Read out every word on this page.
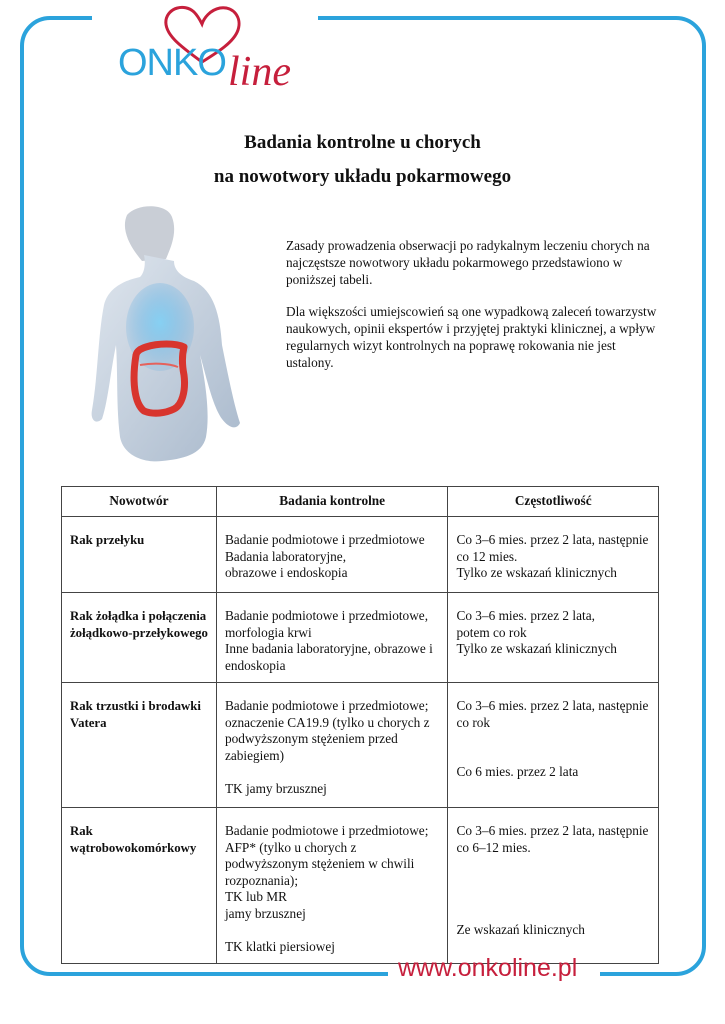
ONKO line
Badania kontrolne u chorych
na nowotwory układu pokarmowego

Zasady prowadzenia obserwacji po radykalnym leczeniu chorych na najczęstsze nowotwory układu pokarmowego przedstawiono w poniższej tabeli.

Dla większości umiejscowień są one wypadkową zaleceń towarzystw naukowych, opinii ekspertów i przyjętej praktyki klinicznej, a wpływ regularnych wizyt kontrolnych na poprawę rokowania nie jest ustalony.

Nowotwór	Badania kontrolne	Częstotliwość
Rak przełyku	Badanie podmiotowe i przedmiotowe
Badania laboratoryjne,
obrazowe i endoskopia	Co 3–6 mies. przez 2 lata, następnie co 12 mies.
Tylko ze wskazań klinicznych

Rak żołądka i połączenia żołądkowo-przełykowego	Badanie podmiotowe i przedmiotowe, morfologia krwi
Inne badania laboratoryjne, obrazowe i endoskopia	Co 3–6 mies. przez 2 lata,
potem co rok
Tylko ze wskazań klinicznych

Rak trzustki i brodawki Vatera	Badanie podmiotowe i przedmiotowe; oznaczenie CA19.9 (tylko u chorych z podwyższonym stężeniem przed zabiegiem)
TK jamy brzusznej	Co 3–6 mies. przez 2 lata, następnie co rok
Co 6 mies. przez 2 lata

Rak wątrobowokomórkowy	Badanie podmiotowe i przedmiotowe;
AFP* (tylko u chorych z podwyższonym stężeniem w chwili rozpoznania);
TK lub MR
jamy brzusznej
TK klatki piersiowej	Co 3–6 mies. przez 2 lata, następnie co 6–12 mies.
Ze wskazań klinicznych
www.onkoline.pl
